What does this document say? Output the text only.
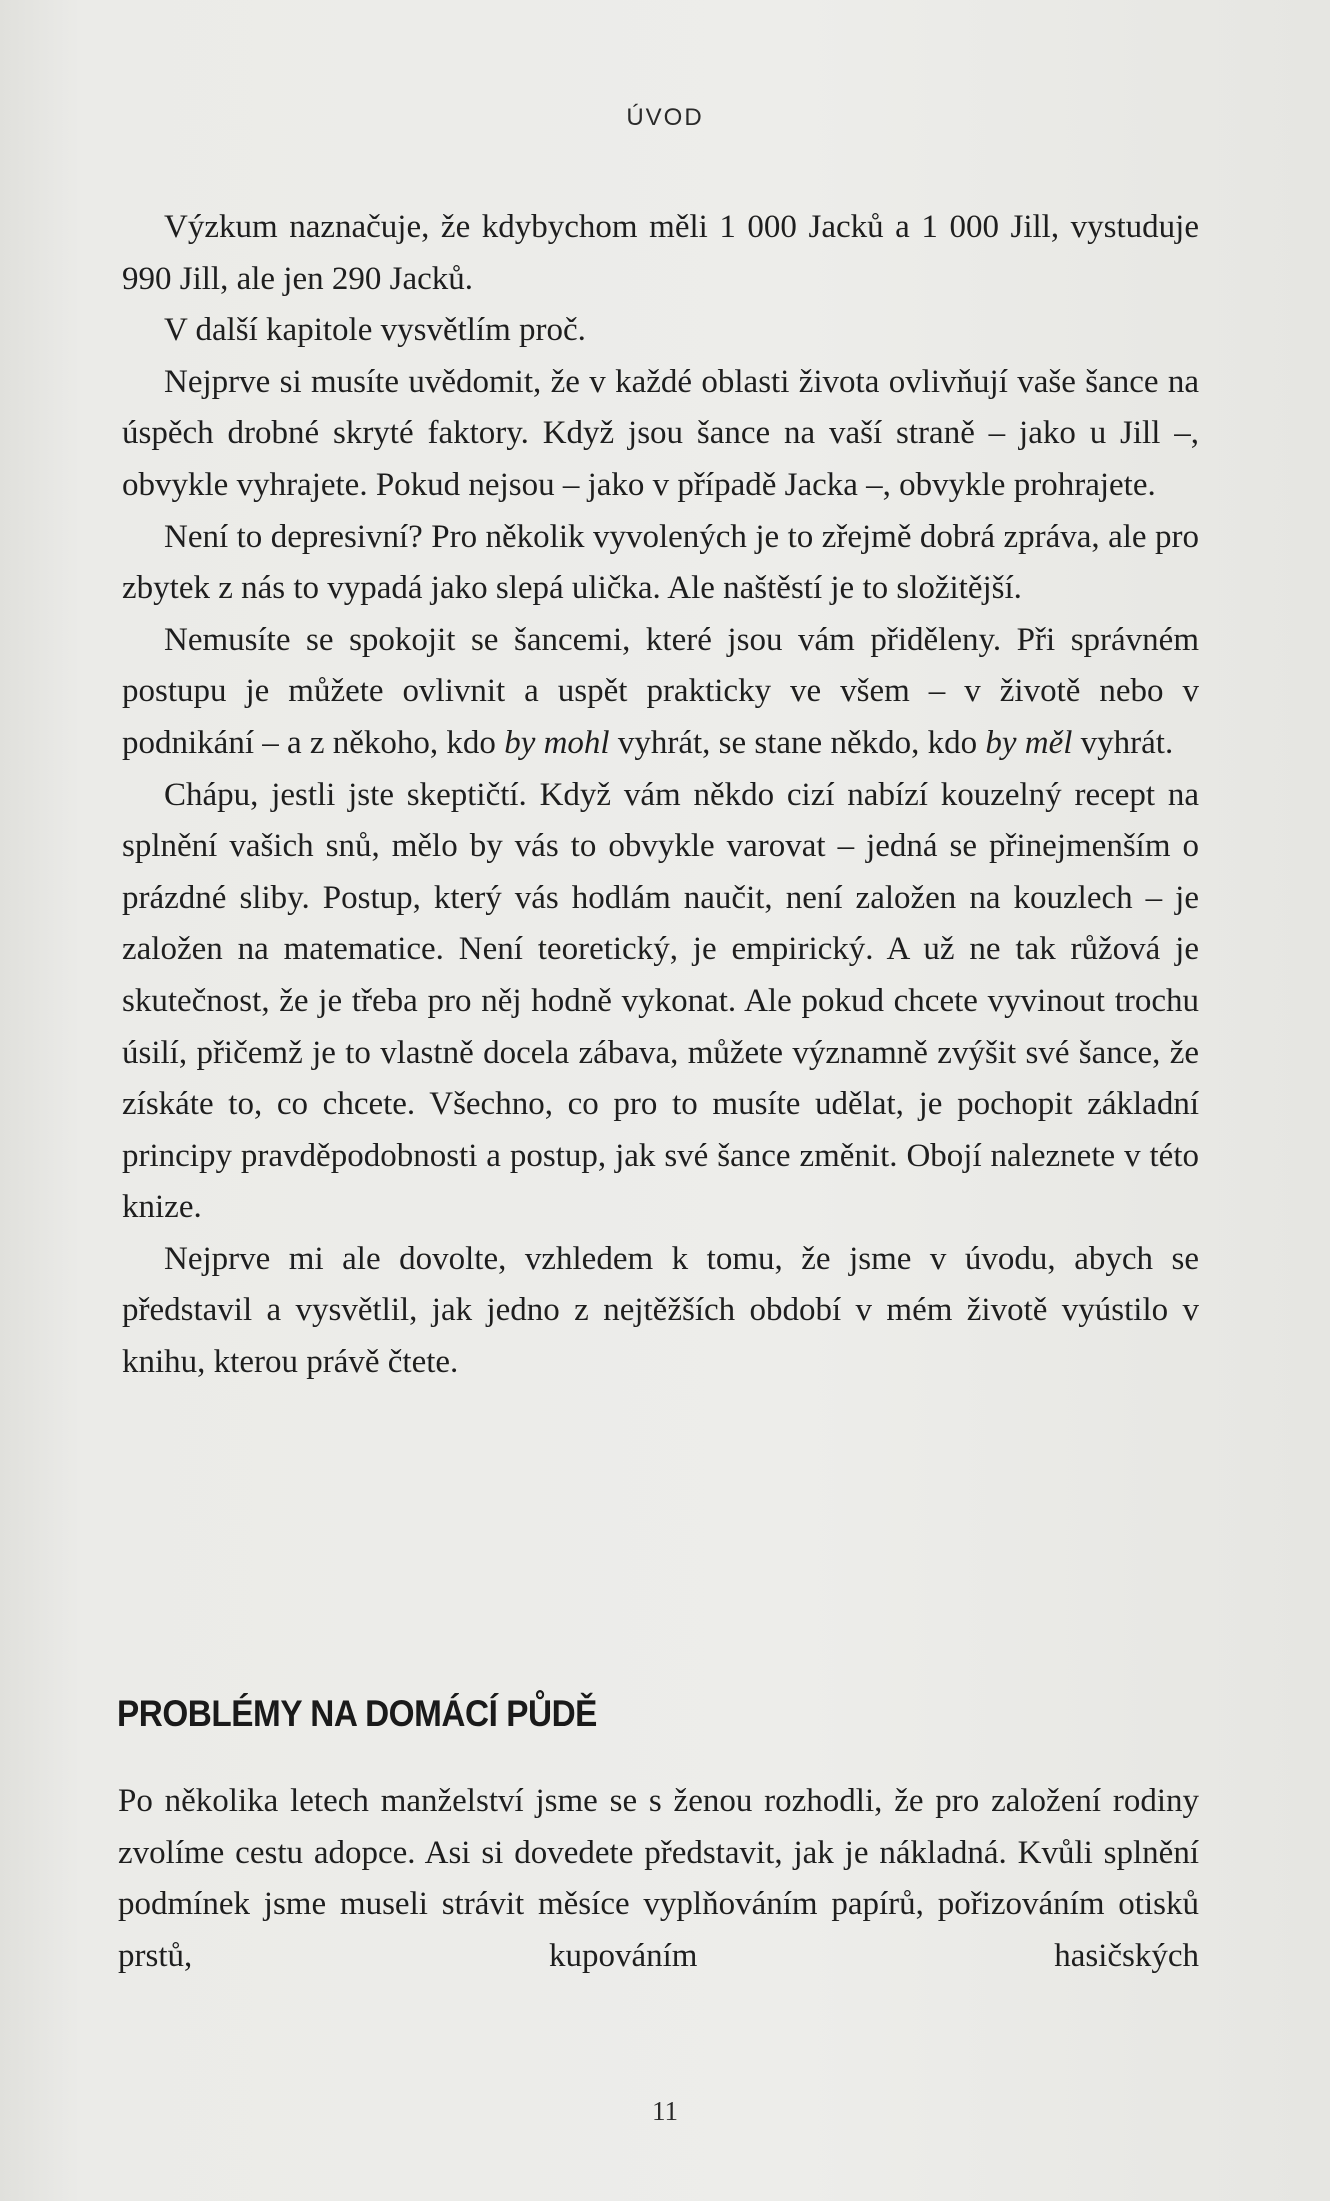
ÚVOD

Výzkum naznačuje, že kdybychom měli 1 000 Jacků a 1 000 Jill, vystuduje 990 Jill, ale jen 290 Jacků.

V další kapitole vysvětlím proč.

Nejprve si musíte uvědomit, že v každé oblasti života ovlivňují vaše šance na úspěch drobné skryté faktory. Když jsou šance na vaší straně – jako u Jill –, obvykle vyhrajete. Pokud nejsou – jako v případě Jacka –, obvykle prohrajete.

Není to depresivní? Pro několik vyvolených je to zřejmě dobrá zpráva, ale pro zbytek z nás to vypadá jako slepá ulička. Ale naštěstí je to složitější.

Nemusíte se spokojit se šancemi, které jsou vám přiděleny. Při správném postupu je můžete ovlivnit a uspět prakticky ve všem – v životě nebo v podnikání – a z někoho, kdo by mohl vyhrát, se stane někdo, kdo by měl vyhrát.

Chápu, jestli jste skeptičtí. Když vám někdo cizí nabízí kouzelný recept na splnění vašich snů, mělo by vás to obvykle varovat – jedná se přinejmenším o prázdné sliby. Postup, který vás hodlám naučit, není založen na kouzlech – je založen na matematice. Není teoretický, je empirický. A už ne tak růžová je skutečnost, že je třeba pro něj hodně vykonat. Ale pokud chcete vyvinout trochu úsilí, přičemž je to vlastně docela zábava, můžete významně zvýšit své šance, že získáte to, co chcete. Všechno, co pro to musíte udělat, je pochopit základní principy pravděpodobnosti a postup, jak své šance změnit. Obojí naleznete v této knize.

Nejprve mi ale dovolte, vzhledem k tomu, že jsme v úvodu, abych se představil a vysvětlil, jak jedno z nejtěžších období v mém životě vyústilo v knihu, kterou právě čtete.

PROBLÉMY NA DOMÁCÍ PŮDĚ

Po několika letech manželství jsme se s ženou rozhodli, že pro založení rodiny zvolíme cestu adopce. Asi si dovedete představit, jak je nákladná. Kvůli splnění podmínek jsme museli strávit měsíce vyplňováním papírů, pořizováním otisků prstů, kupováním hasičských

11
